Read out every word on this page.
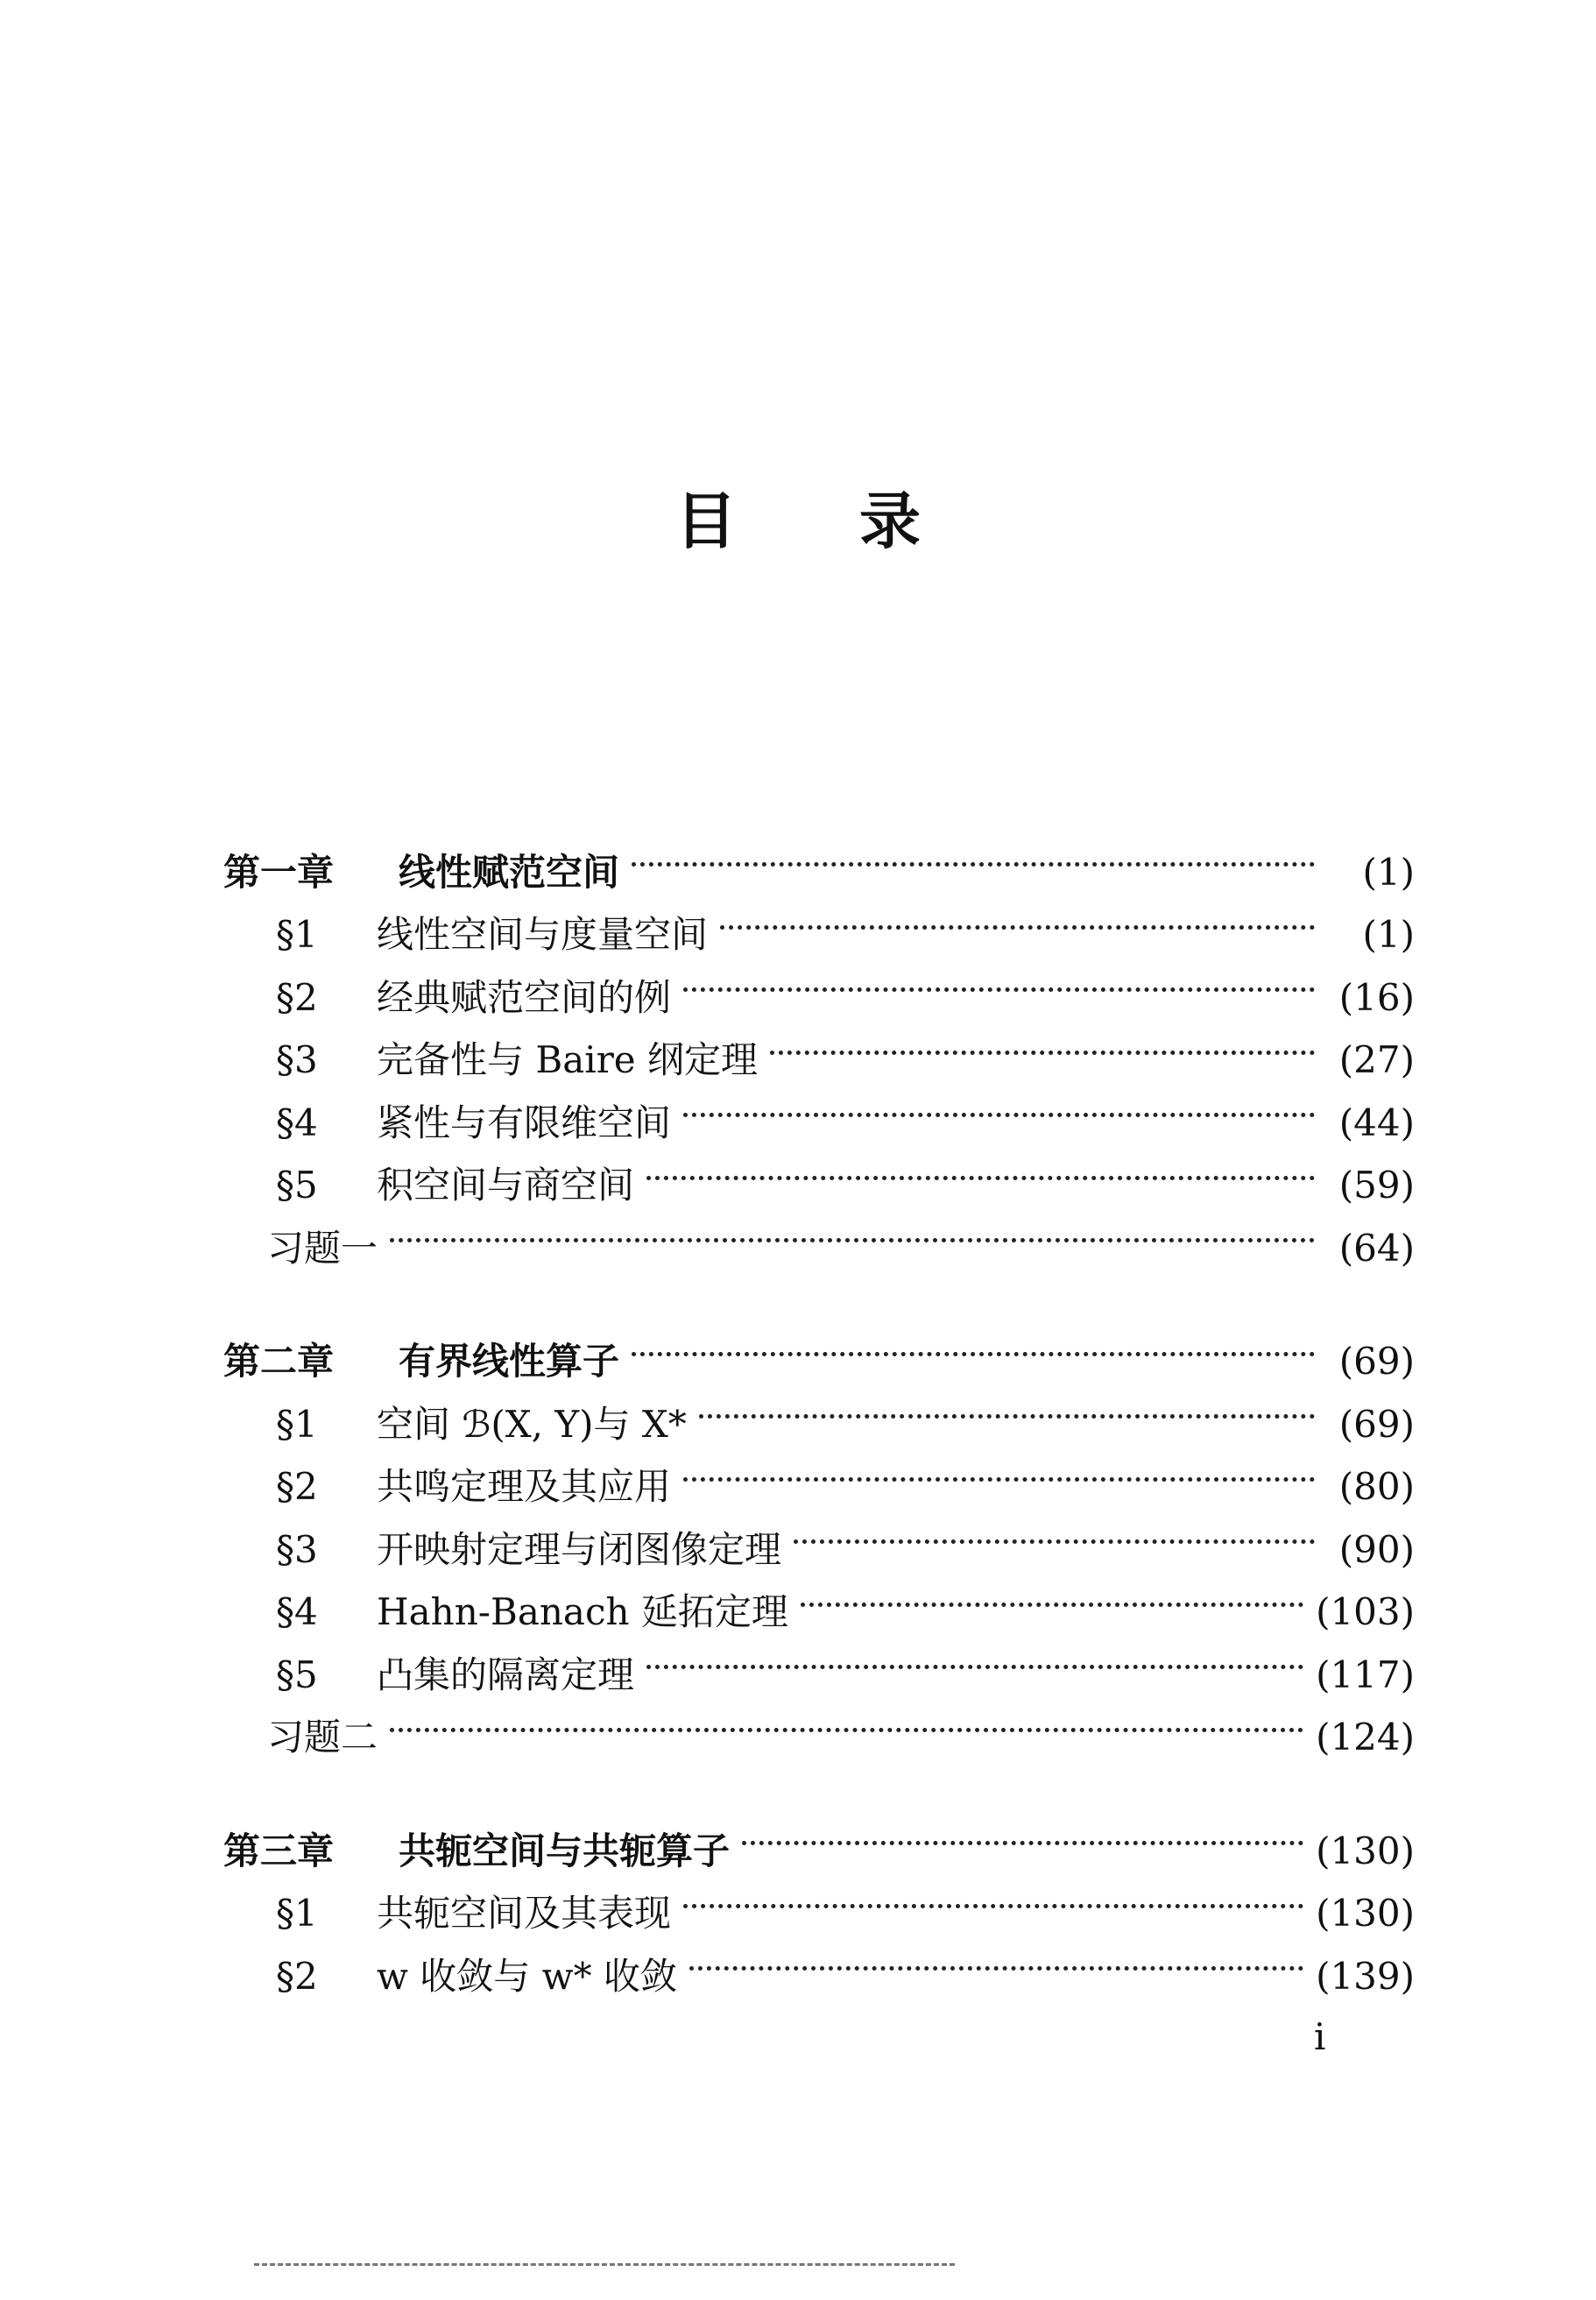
目 录
第一章	线性赋范空间	(1)
§1	线性空间与度量空间	(1)
§2	经典赋范空间的例	(16)
§3	完备性与 Baire 纲定理	(27)
§4	紧性与有限维空间	(44)
§5	积空间与商空间	(59)
习题一	(64)
第二章	有界线性算子	(69)
§1	空间 ℬ(X, Y)与 X*	(69)
§2	共鸣定理及其应用	(80)
§3	开映射定理与闭图像定理	(90)
§4	Hahn-Banach 延拓定理	(103)
§5	凸集的隔离定理	(117)
习题二	(124)
第三章	共轭空间与共轭算子	(130)
§1	共轭空间及其表现	(130)
§2	w 收敛与 w* 收敛	(139)
i
